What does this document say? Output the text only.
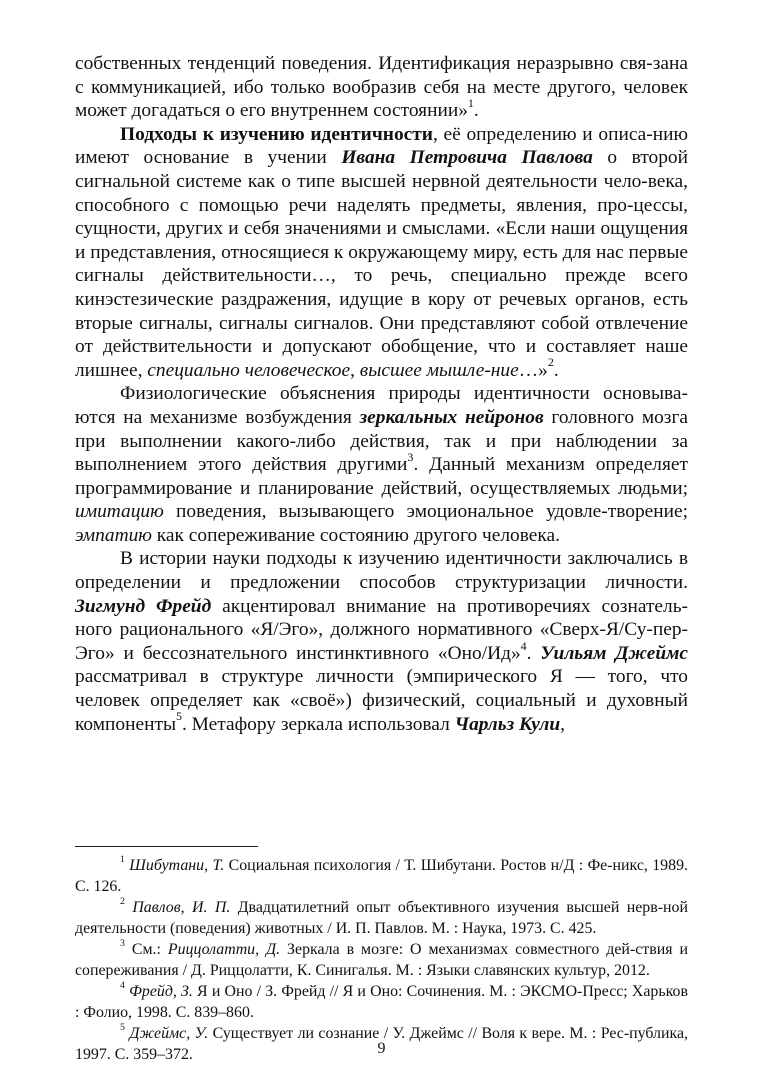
собственных тенденций поведения. Идентификация неразрывно свя-зана с коммуникацией, ибо только вообразив себя на месте другого, человек может догадаться о его внутреннем состоянии»$^1$.

Подходы к изучению идентичности, её определению и описа-нию имеют основание в учении Ивана Петровича Павлова о второй сигнальной системе как о типе высшей нервной деятельности чело-века, способного с помощью речи наделять предметы, явления, про-цессы, сущности, других и себя значениями и смыслами. «Если наши ощущения и представления, относящиеся к окружающему миру, есть для нас первые сигналы действительности…, то речь, специально прежде всего кинэстезические раздражения, идущие в кору от речевых органов, есть вторые сигналы, сигналы сигналов. Они представляют собой отвлечение от действительности и допускают обобщение, что и составляет наше лишнее, специально человеческое, высшее мышле-ние…»$^2$.

Физиологические объяснения природы идентичности основыва-ются на механизме возбуждения зеркальных нейронов головного мозга при выполнении какого-либо действия, так и при наблюдении за выполнением этого действия другими$^3$. Данный механизм определяет программирование и планирование действий, осуществляемых людьми; имитацию поведения, вызывающего эмоциональное удовле-творение; эмпатию как сопереживание состоянию другого человека.

В истории науки подходы к изучению идентичности заключались в определении и предложении способов структуризации личности. Зигмунд Фрейд акцентировал внимание на противоречиях сознатель-ного рационального «Я/Эго», должного нормативного «Сверх-Я/Су-пер-Эго» и бессознательного инстинктивного «Оно/Ид»$^4$. Уильям Джеймс рассматривал в структуре личности (эмпирического Я — того, что человек определяет как «своё») физический, социальный и духовный компоненты$^5$. Метафору зеркала использовал Чарльз Кули,

$^1$ Шибутани, Т. Социальная психология / Т. Шибутани. Ростов н/Д : Фе-никс, 1989. С. 126.

$^2$ Павлов, И. П. Двадцатилетний опыт объективного изучения высшей нерв-ной деятельности (поведения) животных / И. П. Павлов. М. : Наука, 1973. С. 425.

$^3$ См.: Риццолатти, Д. Зеркала в мозге: О механизмах совместного дей-ствия и сопереживания / Д. Риццолатти, К. Синигалья. М. : Языки славянских культур, 2012.

$^4$ Фрейд, З. Я и Оно / З. Фрейд // Я и Оно: Сочинения. М. : ЭКСМО-Пресс; Харьков : Фолио, 1998. С. 839–860.

$^5$ Джеймс, У. Существует ли сознание / У. Джеймс // Воля к вере. М. : Рес-публика, 1997. С. 359–372.	9
